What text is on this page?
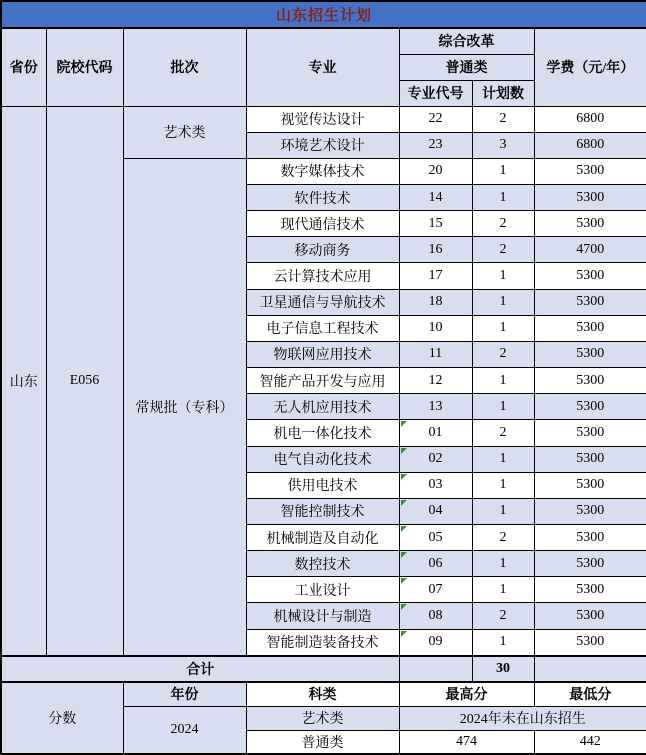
山东招生计划						
省份	院校代码	批次	专业	综合改革		学费（元/年）
				普通类		
				专业代号	计划数	
山东	E056	艺术类	视觉传达设计	22	2	6800
			环境艺术设计	23	3	6800
		常规批（专科）	数字媒体技术	20	1	5300
			软件技术	14	1	5300
			现代通信技术	15	2	5300
			移动商务	16	2	4700
			云计算技术应用	17	1	5300
			卫星通信与导航技术	18	1	5300
			电子信息工程技术	10	1	5300
			物联网应用技术	11	2	5300
			智能产品开发与应用	12	1	5300
			无人机应用技术	13	1	5300
			机电一体化技术	01	2	5300
			电气自动化技术	02	1	5300
			供用电技术	03	1	5300
			智能控制技术	04	1	5300
			机械制造及自动化	05	2	5300
			数控技术	06	1	5300
			工业设计	07	1	5300
			机械设计与制造	08	2	5300
			智能制造装备技术	09	1	5300
合计					30	
分数		年份	科类	最高分		最低分
		2024	艺术类	2024年未在山东招生		
			普通类	474		442
